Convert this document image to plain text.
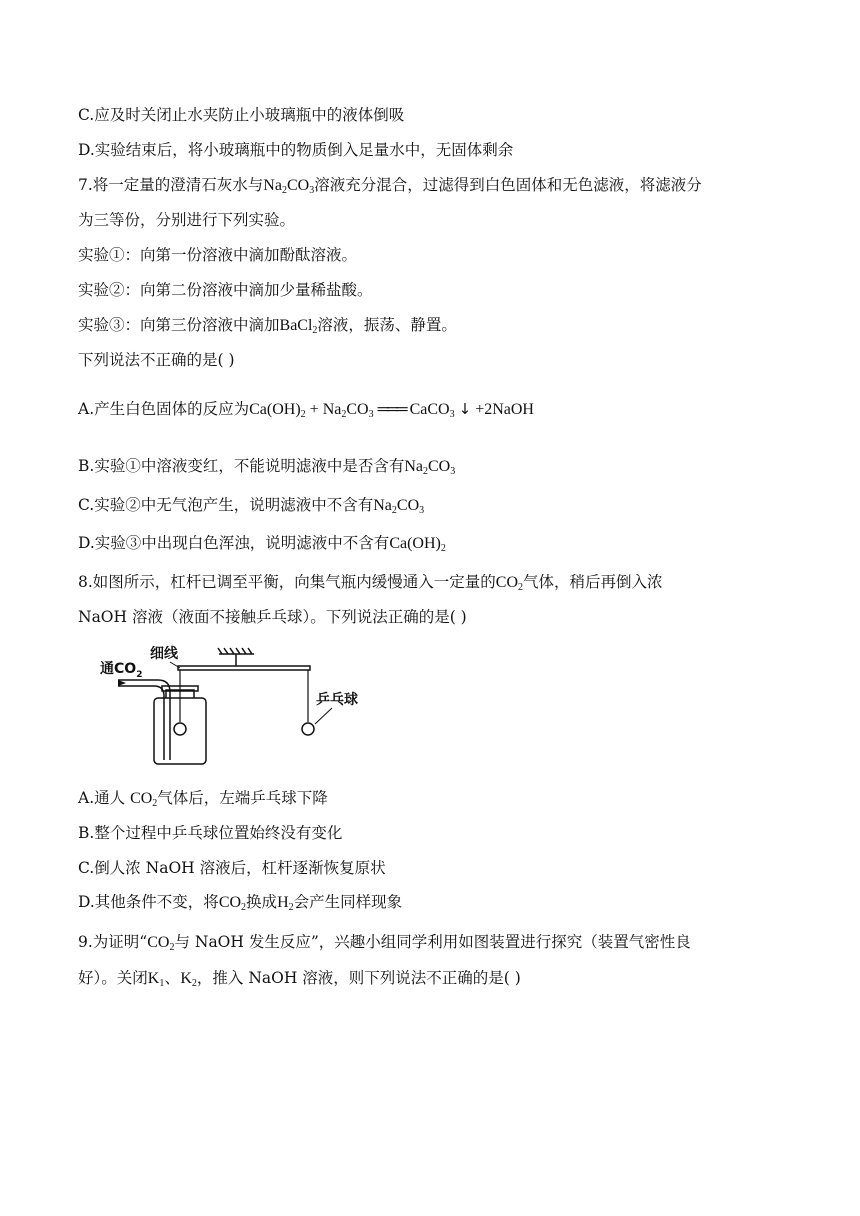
C.应及时关闭止水夹防止小玻璃瓶中的液体倒吸
D.实验结束后，将小玻璃瓶中的物质倒入足量水中，无固体剩余
7.将一定量的澄清石灰水与$Na_2CO_3$溶液充分混合，过滤得到白色固体和无色滤液，将滤液分
为三等份，分别进行下列实验。
实验①：向第一份溶液中滴加酚酞溶液。
实验②：向第二份溶液中滴加少量稀盐酸。
实验③：向第三份溶液中滴加BaCl$_2$溶液，振荡、静置。
下列说法不正确的是( )
A.产生白色固体的反应为$Ca(OH)_2 + Na_2CO_3$ ═══ CaCO$_3$ ↓ +2NaOH
B.实验①中溶液变红，不能说明滤液中是否含有$Na_2CO_3$
C.实验②中无气泡产生，说明滤液中不含有$Na_2CO_3$
D.实验③中出现白色浑浊，说明滤液中不含有$Ca(OH)_2$
8.如图所示，杠杆已调至平衡，向集气瓶内缓慢通入一定量的$CO_2$气体，稍后再倒入浓
NaOH 溶液（液面不接触乒乓球）。下列说法正确的是( )
通$CO_2$
细线
乒乓球
A.通人 $CO_2$气体后，左端乒乓球下降
B.整个过程中乒乓球位置始终没有变化
C.倒人浓 NaOH 溶液后，杠杆逐渐恢复原状
D.其他条件不变，将$CO_2$换成$H_2$会产生同样现象
9.为证明“$CO_2$与 NaOH 发生反应”，兴趣小组同学利用如图装置进行探究（装置气密性良
好）。关闭$K_1$、$K_2$，推入 NaOH 溶液，则下列说法不正确的是( )
